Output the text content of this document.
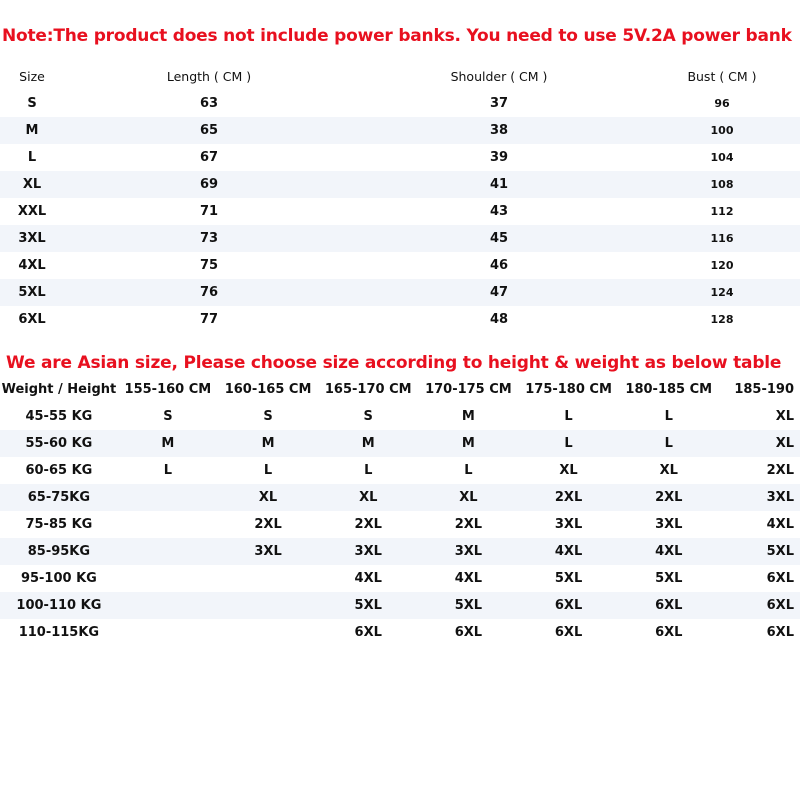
Note:The product does not include power banks. You need to use 5V.2A power bank
Size	Length ( CM )	Shoulder ( CM )	Bust ( CM )
S	63	37	96
M	65	38	100
L	67	39	104
XL	69	41	108
XXL	71	43	112
3XL	73	45	116
4XL	75	46	120
5XL	76	47	124
6XL	77	48	128
We are Asian size, Please choose size according to height & weight as below table
Weight / Height	155-160 CM	160-165 CM	165-170 CM	170-175 CM	175-180 CM	180-185 CM	185-190
45-55 KG	S	S	S	M	L	L	XL
55-60 KG	M	M	M	M	L	L	XL
60-65 KG	L	L	L	L	XL	XL	2XL
65-75KG		XL	XL	XL	2XL	2XL	3XL
75-85 KG		2XL	2XL	2XL	3XL	3XL	4XL
85-95KG		3XL	3XL	3XL	4XL	4XL	5XL
95-100 KG			4XL	4XL	5XL	5XL	6XL
100-110 KG			5XL	5XL	6XL	6XL	6XL
110-115KG			6XL	6XL	6XL	6XL	6XL
